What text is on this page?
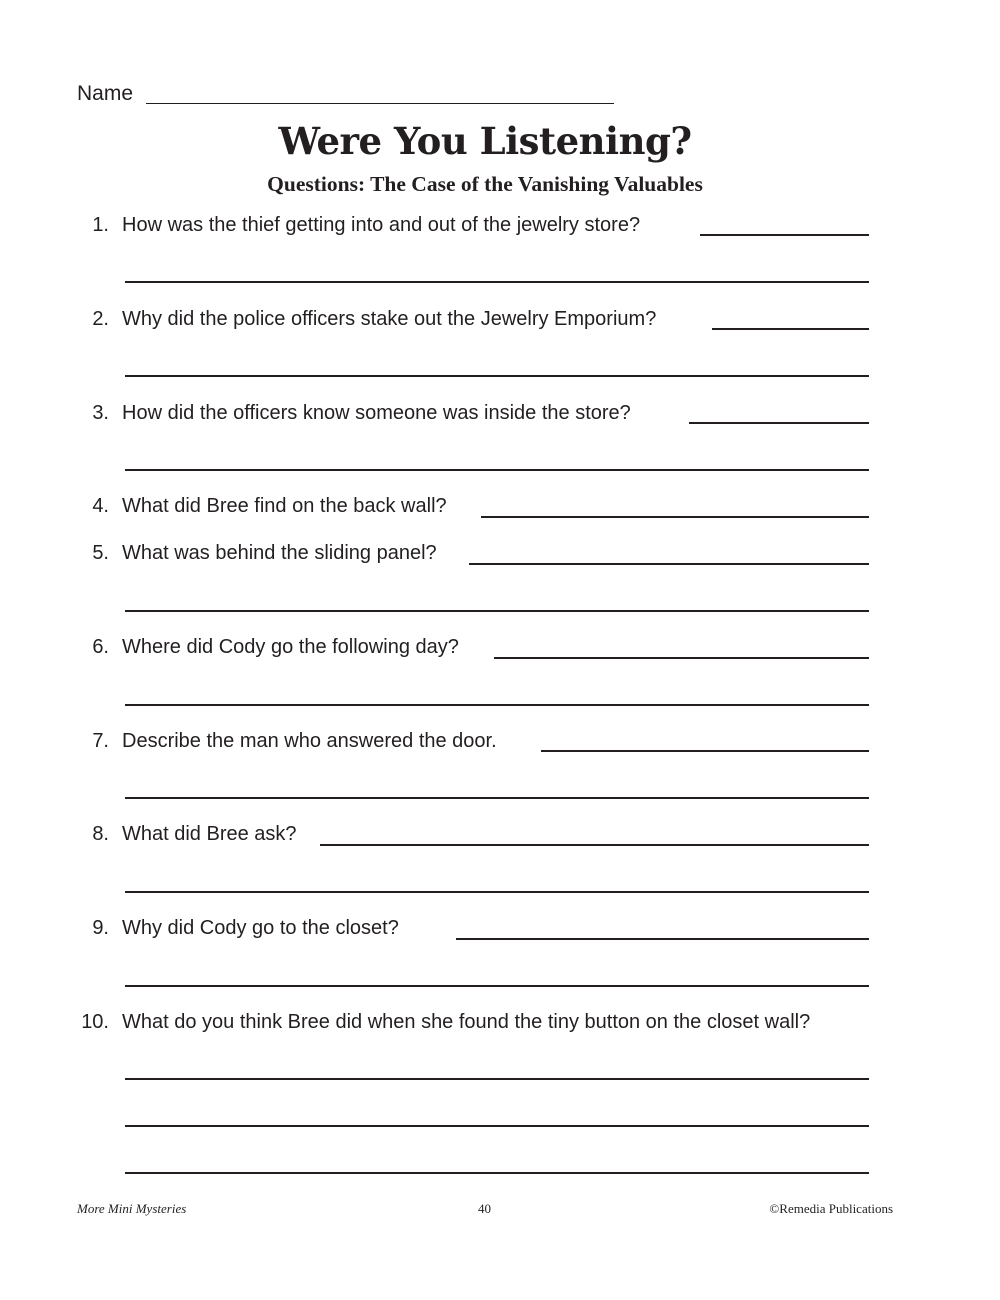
Name
Were You Listening?
Questions: The Case of the Vanishing Valuables
1. How was the thief getting into and out of the jewelry store?
2. Why did the police officers stake out the Jewelry Emporium?
3. How did the officers know someone was inside the store?
4. What did Bree find on the back wall?
5. What was behind the sliding panel?
6. Where did Cody go the following day?
7. Describe the man who answered the door.
8. What did Bree ask?
9. Why did Cody go to the closet?
10. What do you think Bree did when she found the tiny button on the closet wall?
More Mini Mysteries	40	©Remedia Publications
